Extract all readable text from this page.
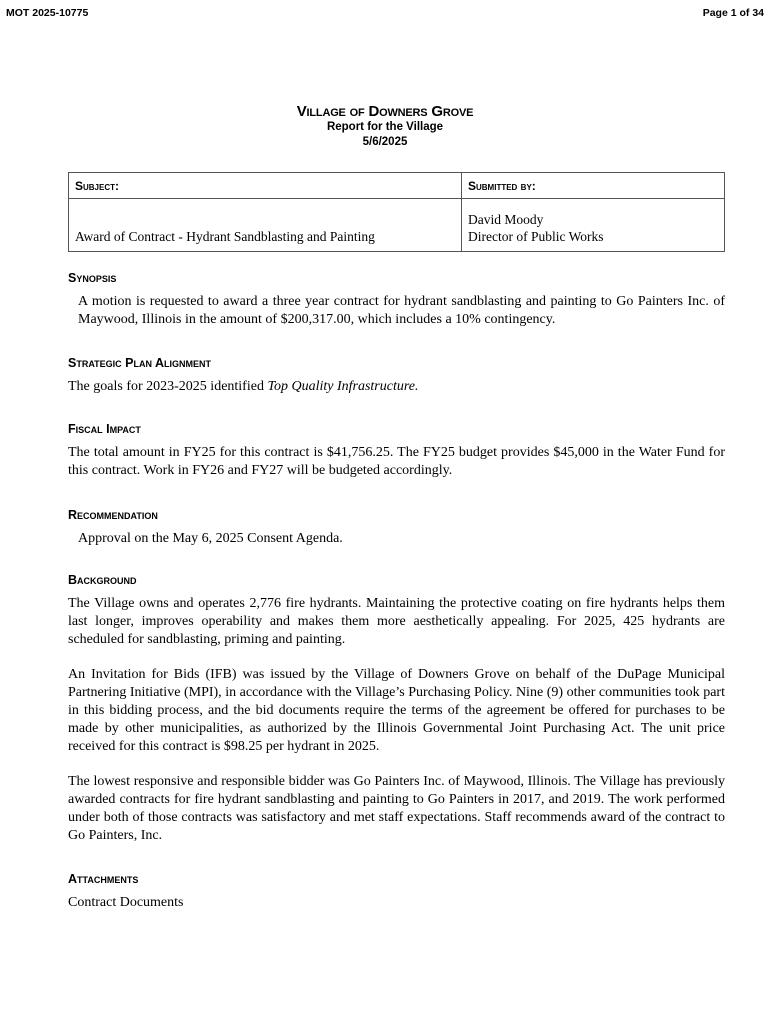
MOT 2025-10775	Page 1 of 34
Village of Downers Grove
Report for the Village
5/6/2025
Subject:	Submitted by:
Award of Contract - Hydrant Sandblasting and Painting	David Moody
Director of Public Works
Synopsis
A motion is requested to award a three year contract for hydrant sandblasting and painting to Go Painters Inc. of Maywood, Illinois in the amount of $200,317.00, which includes a 10% contingency.
Strategic Plan Alignment
The goals for 2023-2025 identified Top Quality Infrastructure.
Fiscal Impact
The total amount in FY25 for this contract is $41,756.25. The FY25 budget provides $45,000 in the Water Fund for this contract. Work in FY26 and FY27 will be budgeted accordingly.
Recommendation
Approval on the May 6, 2025 Consent Agenda.
Background
The Village owns and operates 2,776 fire hydrants. Maintaining the protective coating on fire hydrants helps them last longer, improves operability and makes them more aesthetically appealing. For 2025, 425 hydrants are scheduled for sandblasting, priming and painting.
An Invitation for Bids (IFB) was issued by the Village of Downers Grove on behalf of the DuPage Municipal Partnering Initiative (MPI), in accordance with the Village’s Purchasing Policy. Nine (9) other communities took part in this bidding process, and the bid documents require the terms of the agreement be offered for purchases to be made by other municipalities, as authorized by the Illinois Governmental Joint Purchasing Act. The unit price received for this contract is $98.25 per hydrant in 2025.
The lowest responsive and responsible bidder was Go Painters Inc. of Maywood, Illinois. The Village has previously awarded contracts for fire hydrant sandblasting and painting to Go Painters in 2017, and 2019. The work performed under both of those contracts was satisfactory and met staff expectations. Staff recommends award of the contract to Go Painters, Inc.
Attachments
Contract Documents
